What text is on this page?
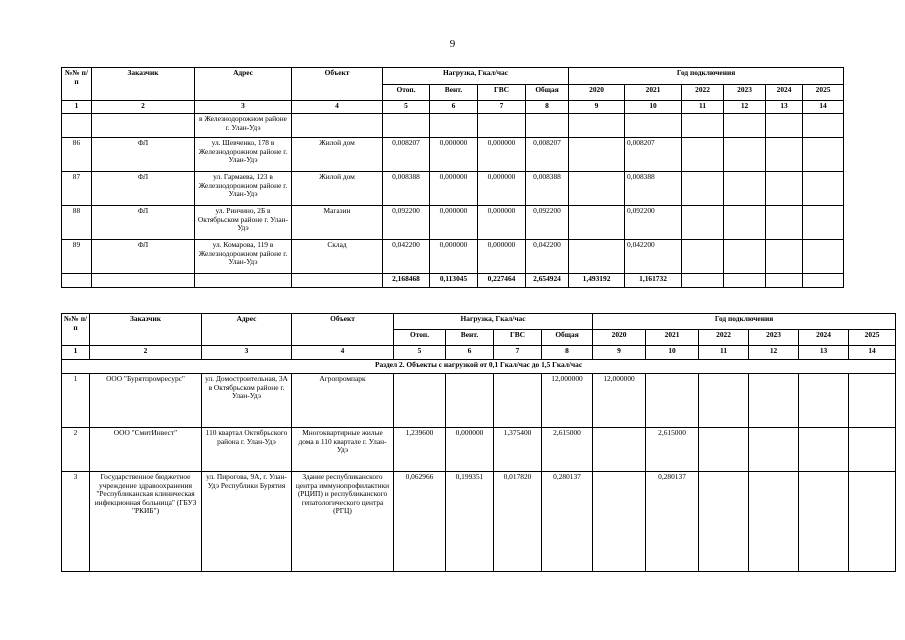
9
№№ п/п	Заказчик	Адрес	Объект	Нагрузка, Гкал/час				Год подключения					
				Отоп.	Вент.	ГВС	Общая	2020	2021	2022	2023	2024	2025
1	2	3	4	5	6	7	8	9	10	11	12	13	14
		в Железнодорожном районе г. Улан-Удэ											
86	ФЛ	ул. Шевченко, 178 в Железнодорожном районе г. Улан-Удэ	Жилой дом	0,008207	0,000000	0,000000	0,008207		0,008207				
87	ФЛ	ул. Гармаева, 123 в Железнодорожном районе г. Улан-Удэ	Жилой дом	0,008388	0,000000	0,000000	0,008388		0,008388				
88	ФЛ	ул. Ринчино, 2Б в Октябрьском районе г. Улан-Удэ	Магазин	0,092200	0,000000	0,000000	0,092200		0,092200				
89	ФЛ	ул. Комарова, 119 в Железнодорожном районе г. Улан-Удэ	Склад	0,042200	0,000000	0,000000	0,042200		0,042200				
				2,168468	0,113045	0,227464	2,654924	1,493192	1,161732				
№№ п/п	Заказчик	Адрес	Объект	Нагрузка, Гкал/час				Год подключения					
				Отоп.	Вент.	ГВС	Общая	2020	2021	2022	2023	2024	2025
1	2	3	4	5	6	7	8	9	10	11	12	13	14
Раздел 2. Объекты с нагрузкой от 0,1 Гкал/час до 1,5 Гкал/час													
1	ООО "Бурятпромресурс"	ул. Домостроительная, 3А в Октябрьском районе г. Улан-Удэ	Агропромпарк				12,000000	12,000000					
2	ООО "СмитИнвест"	110 квартал Октябрьского района г. Улан-Удэ	Многоквартирные жилые дома в 110 квартале г. Улан-Удэ	1,239600	0,000000	1,375400	2,615000		2,615000				
3	Государственное бюджетное учреждение здравоохранения "Республиканская клиническая инфекционная больница" (ГБУЗ "РКИБ")	ул. Пирогова, 9А, г. Улан-Удэ Республики Бурятия	Здание республиканского центра иммунопрофилактики (РЦИП) и республиканского гепатологического центра (РГЦ)	0,062966	0,199351	0,017820	0,280137		0,280137				
